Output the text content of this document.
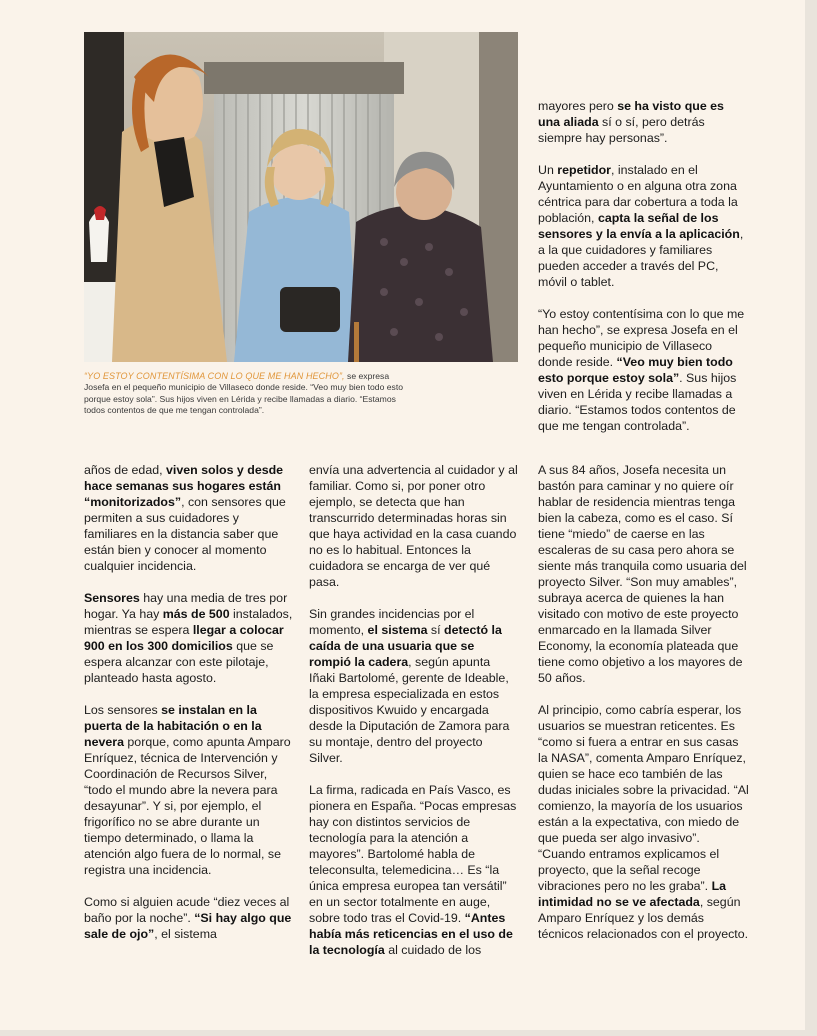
“YO ESTOY CONTENTÍSIMA CON LO QUE ME HAN HECHO”, se expresa
Josefa en el pequeño municipio de Villaseco donde reside. “Veo muy bien todo esto
porque estoy sola”. Sus hijos viven en Lérida y recibe llamadas a diario. “Estamos
todos contentos de que me tengan controlada”.

años de edad, viven solos y desde hace semanas sus hogares están “monitorizados”, con sensores que permiten a sus cuidadores y familiares en la distancia saber que están bien y conocer al momento cualquier incidencia.

Sensores hay una media de tres por hogar. Ya hay más de 500 instalados, mientras se espera llegar a colocar 900 en los 300 domicilios que se espera alcanzar con este pilotaje, planteado hasta agosto.

Los sensores se instalan en la puerta de la habitación o en la nevera porque, como apunta Amparo Enríquez, técnica de Intervención y Coordinación de Recursos Silver, “todo el mundo abre la nevera para desayunar”. Y si, por ejemplo, el frigorífico no se abre durante un tiempo determinado, o llama la atención algo fuera de lo normal, se registra una incidencia.

Como si alguien acude “diez veces al baño por la noche”. “Si hay algo que sale de ojo”, el sistema

envía una advertencia al cuidador y al familiar. Como si, por poner otro ejemplo, se detecta que han transcurrido determinadas horas sin que haya actividad en la casa cuando no es lo habitual. Entonces la cuidadora se encarga de ver qué pasa.

Sin grandes incidencias por el momento, el sistema sí detectó la caída de una usuaria que se rompió la cadera, según apunta Iñaki Bartolomé, gerente de Ideable, la empresa especializada en estos dispositivos Kwuido y encargada desde la Diputación de Zamora para su montaje, dentro del proyecto Silver.

La firma, radicada en País Vasco, es pionera en España. “Pocas empresas hay con distintos servicios de tecnología para la atención a mayores”. Bartolomé habla de teleconsulta, telemedicina… Es “la única empresa europea tan versátil” en un sector totalmente en auge, sobre todo tras el Covid-19. “Antes había más reticencias en el uso de la tecnología al cuidado de los

mayores pero se ha visto que es una aliada sí o sí, pero detrás siempre hay personas”.

Un repetidor, instalado en el Ayuntamiento o en alguna otra zona céntrica para dar cobertura a toda la población, capta la señal de los sensores y la envía a la aplicación, a la que cuidadores y familiares pueden acceder a través del PC, móvil o tablet.

“Yo estoy contentísima con lo que me han hecho”, se expresa Josefa en el pequeño municipio de Villaseco donde reside. “Veo muy bien todo esto porque estoy sola”. Sus hijos viven en Lérida y recibe llamadas a diario. “Estamos todos contentos de que me tengan controlada”.

A sus 84 años, Josefa necesita un bastón para caminar y no quiere oír hablar de residencia mientras tenga bien la cabeza, como es el caso. Sí tiene “miedo” de caerse en las escaleras de su casa pero ahora se siente más tranquila como usuaria del proyecto Silver. “Son muy amables”, subraya acerca de quienes la han visitado con motivo de este proyecto enmarcado en la llamada Silver Economy, la economía plateada que tiene como objetivo a los mayores de 50 años.

Al principio, como cabría esperar, los usuarios se muestran reticentes. Es “como si fuera a entrar en sus casas la NASA”, comenta Amparo Enríquez, quien se hace eco también de las dudas iniciales sobre la privacidad. “Al comienzo, la mayoría de los usuarios están a la expectativa, con miedo de que pueda ser algo invasivo”. “Cuando entramos explicamos el proyecto, que la señal recoge vibraciones pero no les graba”. La intimidad no se ve afectada, según Amparo Enríquez y los demás técnicos relacionados con el proyecto.
